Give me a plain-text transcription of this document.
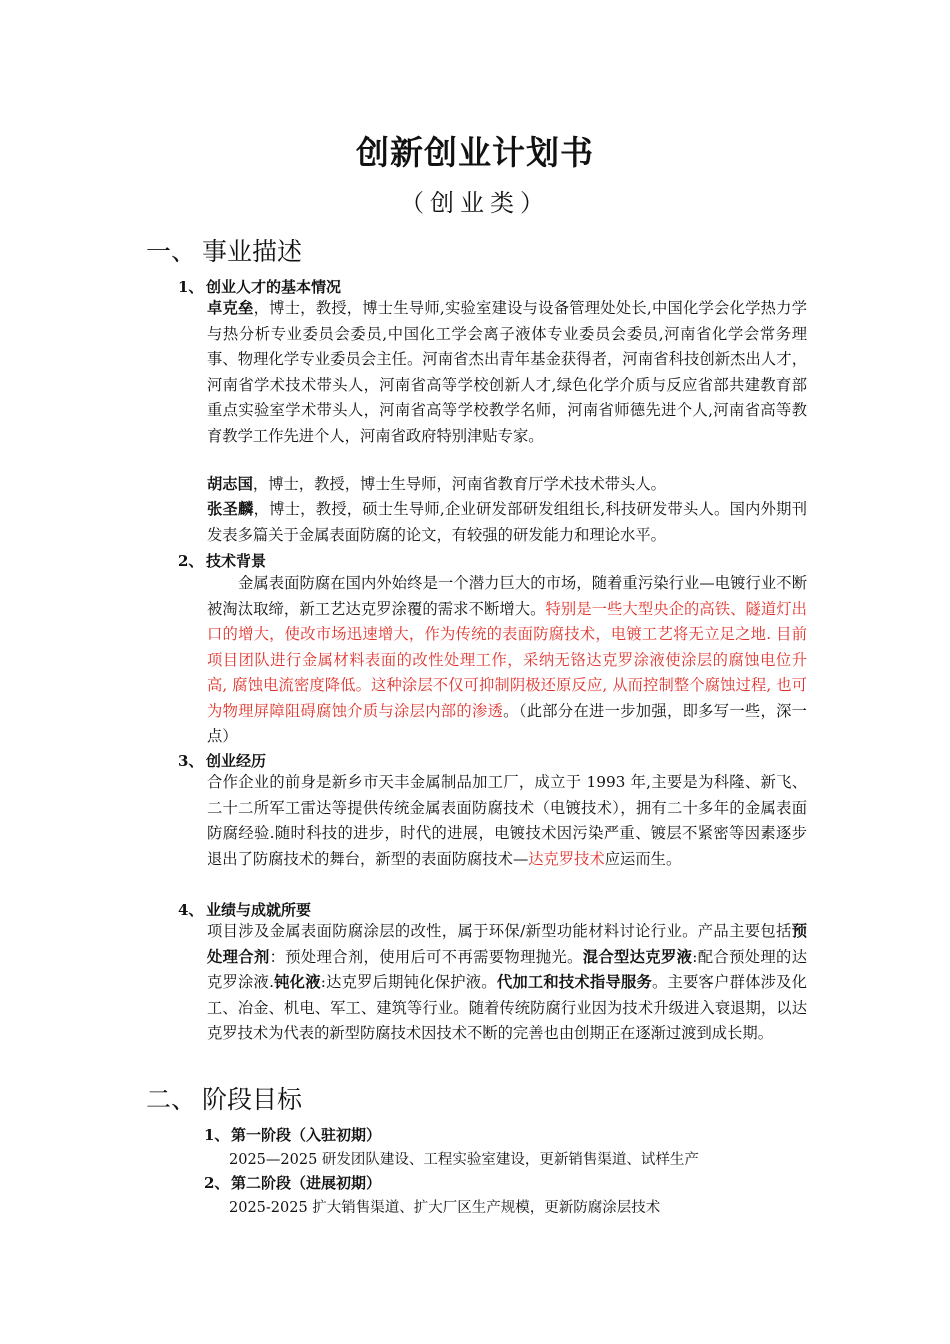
创新创业计划书
（创业类）
一、 事业描述
1、 创业人才的基本情况
卓克垒，博士，教授，博士生导师,实验室建设与设备管理处处长,中国化学会化学热力学与热分析专业委员会委员,中国化工学会离子液体专业委员会委员,河南省化学会常务理事、物理化学专业委员会主任。河南省杰出青年基金获得者，河南省科技创新杰出人才，河南省学术技术带头人，河南省高等学校创新人才,绿色化学介质与反应省部共建教育部重点实验室学术带头人，河南省高等学校教学名师，河南省师德先进个人,河南省高等教育教学工作先进个人，河南省政府特别津贴专家。
胡志国，博士，教授，博士生导师，河南省教育厅学术技术带头人。
张圣麟，博士，教授，硕士生导师,企业研发部研发组组长,科技研发带头人。国内外期刊发表多篇关于金属表面防腐的论文，有较强的研发能力和理论水平。
2、 技术背景
金属表面防腐在国内外始终是一个潜力巨大的市场，随着重污染行业—电镀行业不断被淘汰取缔，新工艺达克罗涂覆的需求不断增大。特别是一些大型央企的高铁、隧道灯出口的增大，使改市场迅速增大，作为传统的表面防腐技术，电镀工艺将无立足之地. 目前项目团队进行金属材料表面的改性处理工作，采纳无铬达克罗涂液使涂层的腐蚀电位升高, 腐蚀电流密度降低。这种涂层不仅可抑制阴极还原反应, 从而控制整个腐蚀过程, 也可为物理屏障阻碍腐蚀介质与涂层内部的渗透。（此部分在进一步加强，即多写一些，深一点）
3、 创业经历
合作企业的前身是新乡市天丰金属制品加工厂，成立于 1993 年,主要是为科隆、新飞、二十二所军工雷达等提供传统金属表面防腐技术（电镀技术），拥有二十多年的金属表面防腐经验.随时科技的进步，时代的进展，电镀技术因污染严重、镀层不紧密等因素逐步退出了防腐技术的舞台，新型的表面防腐技术—达克罗技术应运而生。
4、 业绩与成就所要
项目涉及金属表面防腐涂层的改性，属于环保/新型功能材料讨论行业。产品主要包括预处理合剂：预处理合剂，使用后可不再需要物理抛光。混合型达克罗液:配合预处理的达克罗涂液.钝化液:达克罗后期钝化保护液。代加工和技术指导服务。主要客户群体涉及化工、冶金、机电、军工、建筑等行业。随着传统防腐行业因为技术升级进入衰退期，以达克罗技术为代表的新型防腐技术因技术不断的完善也由创期正在逐渐过渡到成长期。
二、 阶段目标
1、 第一阶段（入驻初期）
2025—2025 研发团队建设、工程实验室建设，更新销售渠道、试样生产
2、 第二阶段（进展初期）
2025-2025 扩大销售渠道、扩大厂区生产规模，更新防腐涂层技术
